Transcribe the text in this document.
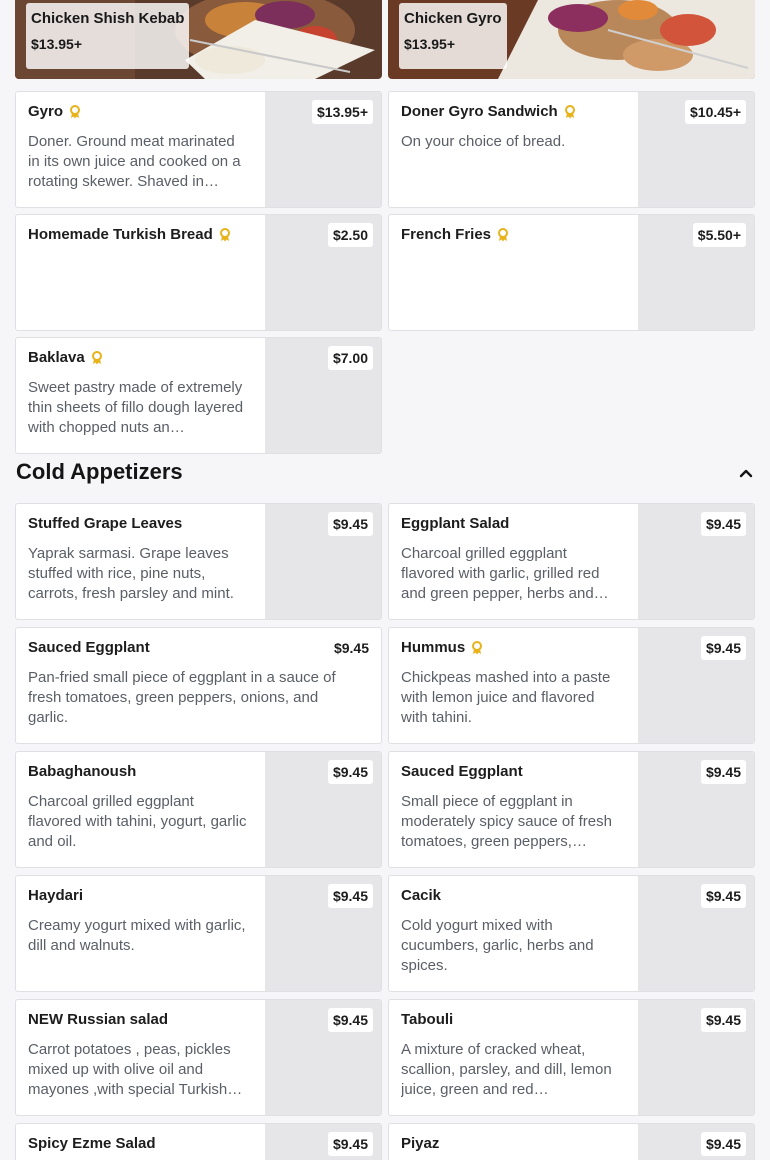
Chicken Shish Kebab
$13.95+
Chicken Gyro
$13.95+
Gyro
Doner. Ground meat marinated in its own juice and cooked on a rotating skewer. Shaved in…
$13.95+	Doner Gyro Sandwich
On your choice of bread.
$10.45+
Homemade Turkish Bread	$2.50	French Fries	$5.50+
Baklava
Sweet pastry made of extremely thin sheets of fillo dough layered with chopped nuts an…
$7.00
Cold Appetizers
Stuffed Grape Leaves
Yaprak sarmasi. Grape leaves stuffed with rice, pine nuts, carrots, fresh parsley and mint.
$9.45	Eggplant Salad
Charcoal grilled eggplant flavored with garlic, grilled red and green pepper, herbs and…
$9.45
Sauced Eggplant
Pan-fried small piece of eggplant in a sauce of fresh tomatoes, green peppers, onions, and garlic.
$9.45 Hummus
Chickpeas mashed into a paste with lemon juice and flavored with tahini.
$9.45
Babaghanoush
Charcoal grilled eggplant flavored with tahini, yogurt, garlic and oil.
$9.45	Sauced Eggplant
Small piece of eggplant in moderately spicy sauce of fresh tomatoes, green peppers,…
$9.45
Haydari
Creamy yogurt mixed with garlic, dill and walnuts.
$9.45	Cacik
Cold yogurt mixed with cucumbers, garlic, herbs and spices.
$9.45
NEW Russian salad
Carrot potatoes , peas, pickles mixed up with olive oil and mayones ,with special Turkish…
$9.45	Tabouli
A mixture of cracked wheat, scallion, parsley, and dill, lemon juice, green and red…
$9.45
Spicy Ezme Salad	$9.45	Piyaz	$9.45
